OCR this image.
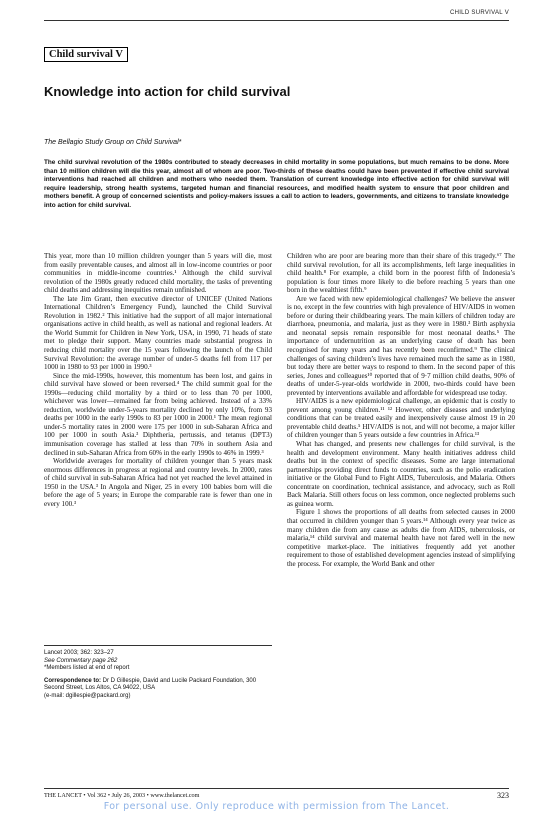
CHILD SURVIVAL V
Child survival V
Knowledge into action for child survival
The Bellagio Study Group on Child Survival*

The child survival revolution of the 1980s contributed to steady decreases in child mortality in some populations, but much remains to be done. More than 10 million children will die this year, almost all of whom are poor. Two-thirds of these deaths could have been prevented if effective child survival interventions had reached all children and mothers who needed them. Translation of current knowledge into effective action for child survival will require leadership, strong health systems, targeted human and financial resources, and modified health system to ensure that poor children and mothers benefit. A group of concerned scientists and policy-makers issues a call to action to leaders, governments, and citizens to translate knowledge into action for child survival.

This year, more than 10 million children younger than 5 years will die, most from easily preventable causes, and almost all in low-income countries or poor communities in middle-income countries.¹ Although the child survival revolution of the 1980s greatly reduced child mortality, the tasks of preventing child deaths and addressing inequities remain unfinished.

The late Jim Grant, then executive director of UNICEF (United Nations International Children’s Emergency Fund), launched the Child Survival Revolution in 1982.² This initiative had the support of all major international organisations active in child health, as well as national and regional leaders. At the World Summit for Children in New York, USA, in 1990, 71 heads of state met to pledge their support. Many countries made substantial progress in reducing child mortality over the 15 years following the launch of the Child Survival Revolution: the average number of under-5 deaths fell from 117 per 1000 in 1980 to 93 per 1000 in 1990.³

Since the mid-1990s, however, this momentum has been lost, and gains in child survival have slowed or been reversed.⁴ The child summit goal for the 1990s—reducing child mortality by a third or to less than 70 per 1000, whichever was lower—remained far from being achieved. Instead of a 33% reduction, worldwide under-5-years mortality declined by only 10%, from 93 deaths per 1000 in the early 1990s to 83 per 1000 in 2000.¹ The mean regional under-5 mortality rates in 2000 were 175 per 1000 in sub-Saharan Africa and 100 per 1000 in south Asia.³ Diphtheria, pertussis, and tetanus (DPT3) immunisation coverage has stalled at less than 70% in southern Asia and declined in sub-Saharan Africa from 60% in the early 1990s to 46% in 1999.³

Worldwide averages for mortality of children younger than 5 years mask enormous differences in progress at regional and country levels. In 2000, rates of child survival in sub-Saharan Africa had not yet reached the level attained in 1950 in the USA.³ In Angola and Niger, 25 in every 100 babies born will die before the age of 5 years; in Europe the comparable rate is fewer than one in every 100.³

Lancet 2003; 362: 323–27
See Commentary page 262
*Members listed at end of report
Correspondence to: Dr D Gillespie, David and Lucile Packard Foundation, 300 Second Street, Los Altos, CA 94022, USA
(e-mail: dgillespie@packard.org)

Children who are poor are bearing more than their share of this tragedy.⁶⁷ The child survival revolution, for all its accomplishments, left large inequalities in child health.⁸ For example, a child born in the poorest fifth of Indonesia’s population is four times more likely to die before reaching 5 years than one born in the wealthiest fifth.⁹

Are we faced with new epidemiological challenges? We believe the answer is no, except in the few countries with high prevalence of HIV/AIDS in women before or during their childbearing years. The main killers of children today are diarrhoea, pneumonia, and malaria, just as they were in 1980.³ Birth asphyxia and neonatal sepsis remain responsible for most neonatal deaths.⁵ The importance of undernutrition as an underlying cause of death has been recognised for many years and has recently been reconfirmed.⁹ The clinical challenges of saving children’s lives have remained much the same as in 1980, but today there are better ways to respond to them. In the second paper of this series, Jones and colleagues¹⁰ reported that of 9·7 million child deaths, 90% of deaths of under-5-year-olds worldwide in 2000, two-thirds could have been prevented by interventions available and affordable for widespread use today.

HIV/AIDS is a new epidemiological challenge, an epidemic that is costly to prevent among young children.¹¹ ¹² However, other diseases and underlying conditions that can be treated easily and inexpensively cause almost 19 in 20 preventable child deaths.⁵ HIV/AIDS is not, and will not become, a major killer of children younger than 5 years outside a few countries in Africa.¹³

What has changed, and presents new challenges for child survival, is the health and development environment. Many health initiatives address child deaths but in the context of specific diseases. Some are large international partnerships providing direct funds to countries, such as the polio eradication initiative or the Global Fund to Fight AIDS, Tuberculosis, and Malaria. Others concentrate on coordination, technical assistance, and advocacy, such as Roll Back Malaria. Still others focus on less common, once neglected problems such as guinea worm.

Figure 1 shows the proportions of all deaths from selected causes in 2000 that occurred in children younger than 5 years.¹⁴ Although every year twice as many children die from any cause as adults die from AIDS, tuberculosis, or malaria,¹⁴ child survival and maternal health have not fared well in the new competitive market-place. The initiatives frequently add yet another requirement to those of established development agencies instead of simplifying the process. For example, the World Bank and other

THE LANCET • Vol 362 • July 26, 2003 • www.thelancet.com	323
For personal use. Only reproduce with permission from The Lancet.
